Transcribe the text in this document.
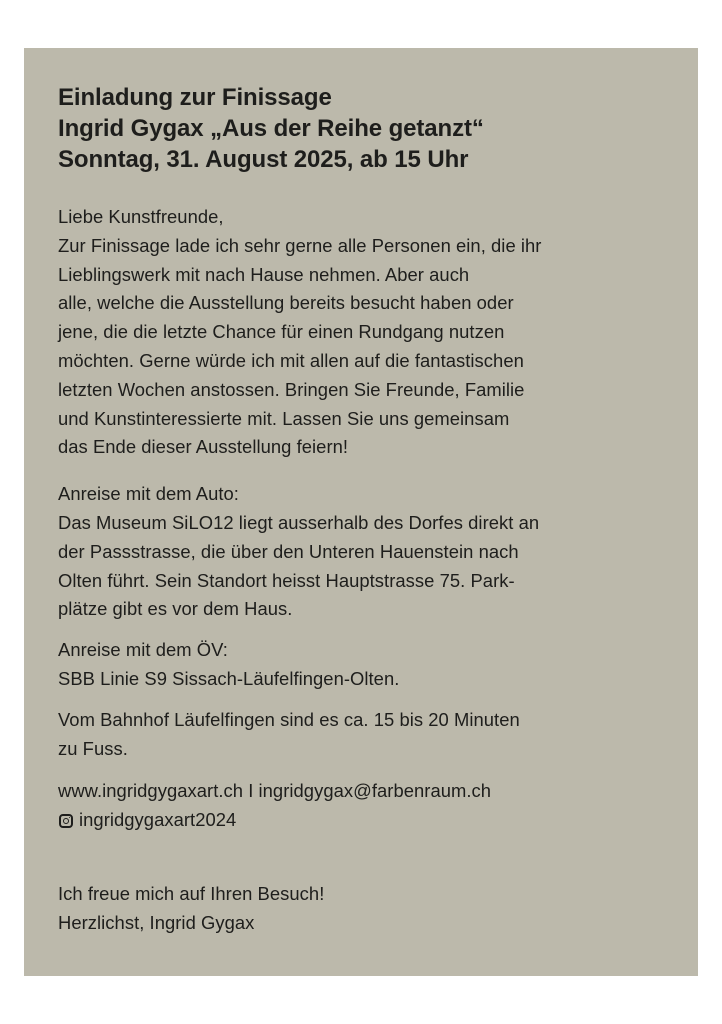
Einladung zur Finissage
Ingrid Gygax „Aus der Reihe getanzt“
Sonntag, 31. August 2025, ab 15 Uhr
Liebe Kunstfreunde,
Zur Finissage lade ich sehr gerne alle Personen ein, die ihr
Lieblingswerk mit nach Hause nehmen. Aber auch
alle, welche die Ausstellung bereits besucht haben oder
jene, die die letzte Chance für einen Rundgang nutzen
möchten. Gerne würde ich mit allen auf die fantastischen
letzten Wochen anstossen. Bringen Sie Freunde, Familie
und Kunstinteressierte mit. Lassen Sie uns gemeinsam
das Ende dieser Ausstellung feiern!
Anreise mit dem Auto:
Das Museum SiLO12 liegt ausserhalb des Dorfes direkt an
der Passstrasse, die über den Unteren Hauenstein nach
Olten führt. Sein Standort heisst Hauptstrasse 75. Park-
plätze gibt es vor dem Haus.
Anreise mit dem ÖV:
SBB Linie S9 Sissach-Läufelfingen-Olten.
Vom Bahnhof Läufelfingen sind es ca. 15 bis 20 Minuten
zu Fuss.
www.ingridgygaxart.ch I ingridgygax@farbenraum.ch
ingridgygaxart2024
Ich freue mich auf Ihren Besuch!
Herzlichst, Ingrid Gygax
